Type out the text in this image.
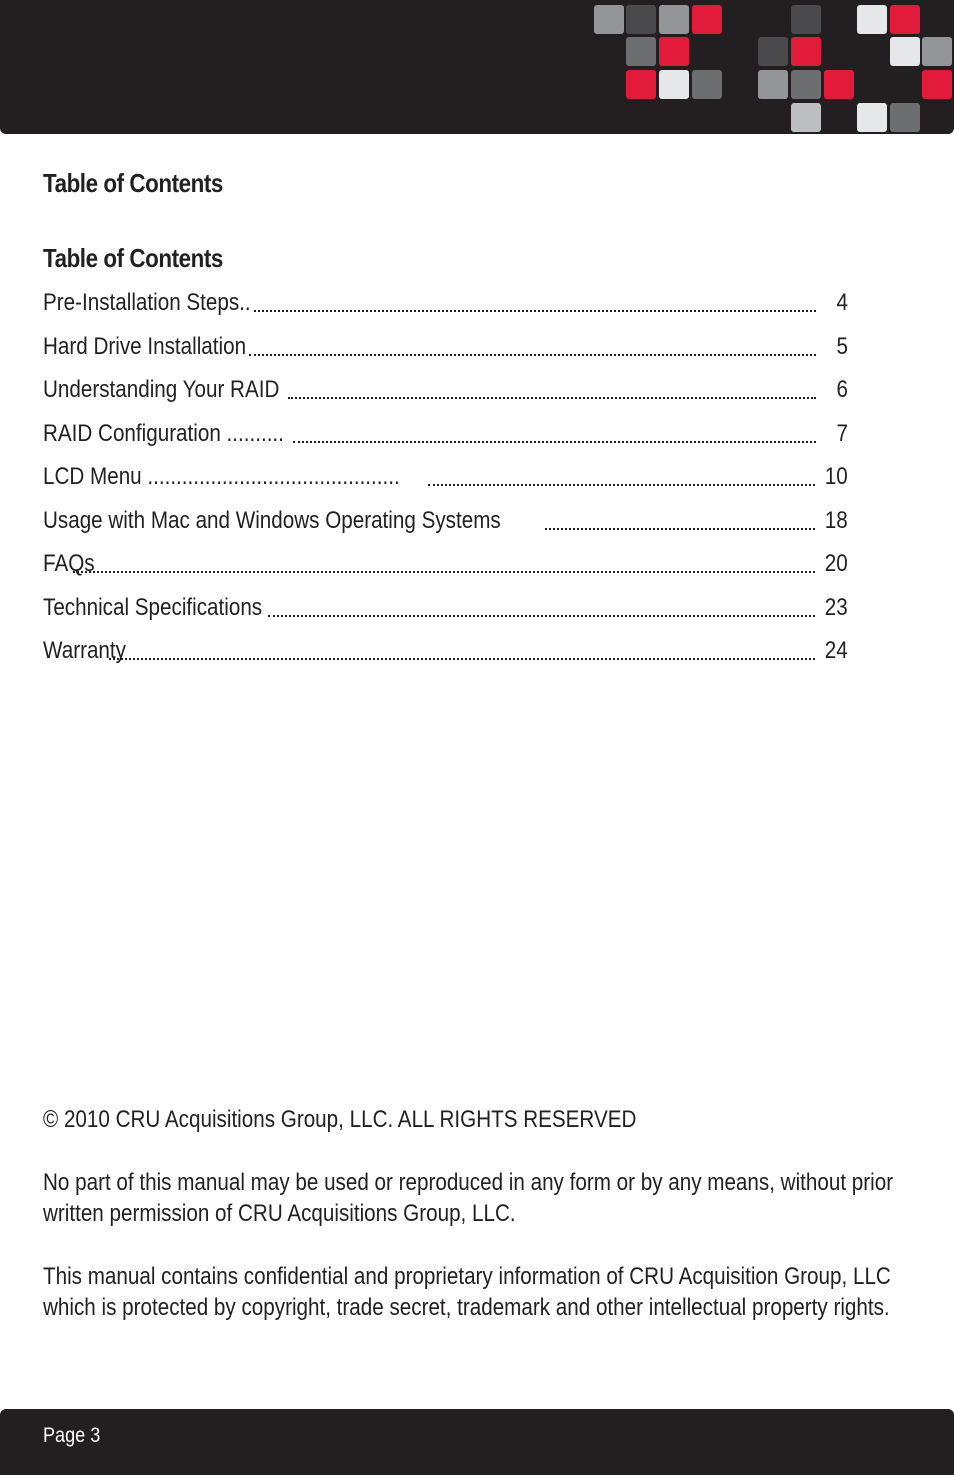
Table of Contents
Table of Contents
Pre-Installation Steps..	4
Hard Drive Installation	5
Understanding Your RAID	6
RAID Configuration ..........	7
LCD Menu ............................................	10
Usage with Mac and Windows Operating Systems	18
FAQs	20
Technical Specifications	23
Warranty	24

© 2010 CRU Acquisitions Group, LLC. ALL RIGHTS RESERVED

No part of this manual may be used or reproduced in any form or by any means, without prior written permission of CRU Acquisitions Group, LLC.

This manual contains confidential and proprietary information of CRU Acquisition Group, LLC which is protected by copyright, trade secret, trademark and other intellectual property rights.

Page 3
